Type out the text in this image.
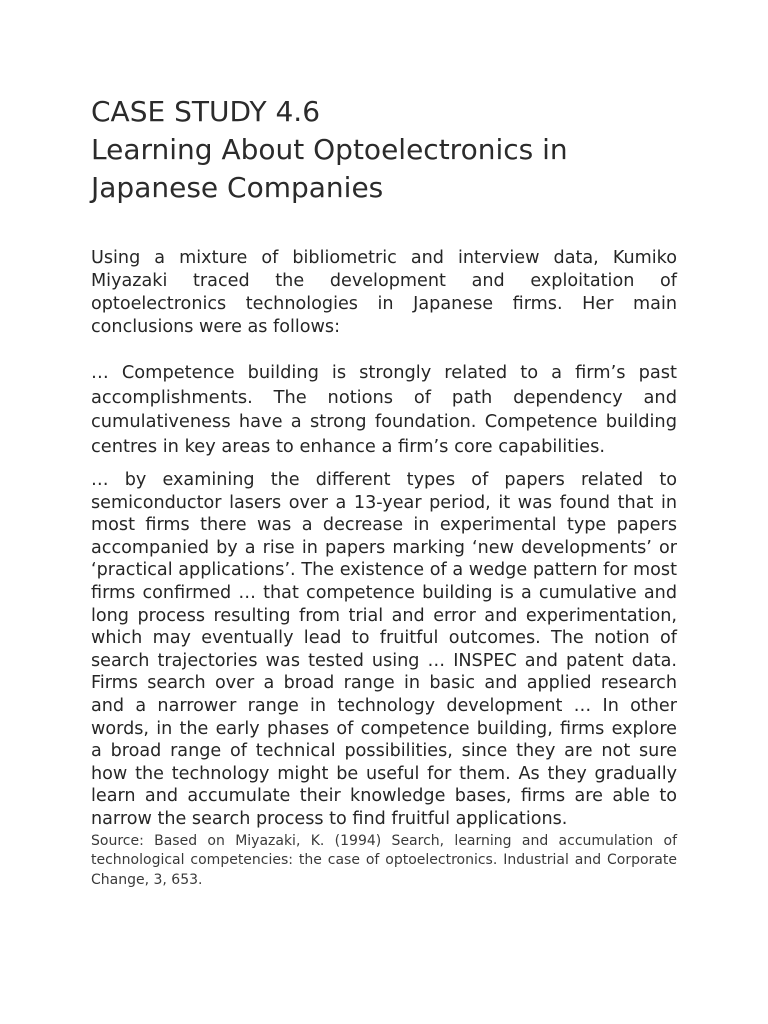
CASE STUDY 4.6
Learning About Optoelectronics in Japanese Companies

Using a mixture of bibliometric and interview data, Kumiko Miyazaki traced the development and exploitation of optoelectronics technologies in Japanese firms. Her main conclusions were as follows:

… Competence building is strongly related to a firm’s past accomplishments. The notions of path dependency and cumulativeness have a strong foundation. Competence building centres in key areas to enhance a firm’s core capabilities.

… by examining the different types of papers related to semiconductor lasers over a 13-year period, it was found that in most firms there was a decrease in experimental type papers accompanied by a rise in papers marking ‘new developments’ or ‘practical applications’. The existence of a wedge pattern for most firms confirmed … that competence building is a cumulative and long process resulting from trial and error and experimentation, which may eventually lead to fruitful outcomes. The notion of search trajectories was tested using … INSPEC and patent data. Firms search over a broad range in basic and applied research and a narrower range in technology development … In other words, in the early phases of competence building, firms explore a broad range of technical possibilities, since they are not sure how the technology might be useful for them. As they gradually learn and accumulate their knowledge bases, firms are able to narrow the search process to find fruitful applications.

Source: Based on Miyazaki, K. (1994) Search, learning and accumulation of technological competencies: the case of optoelectronics. Industrial and Corporate Change, 3, 653.
